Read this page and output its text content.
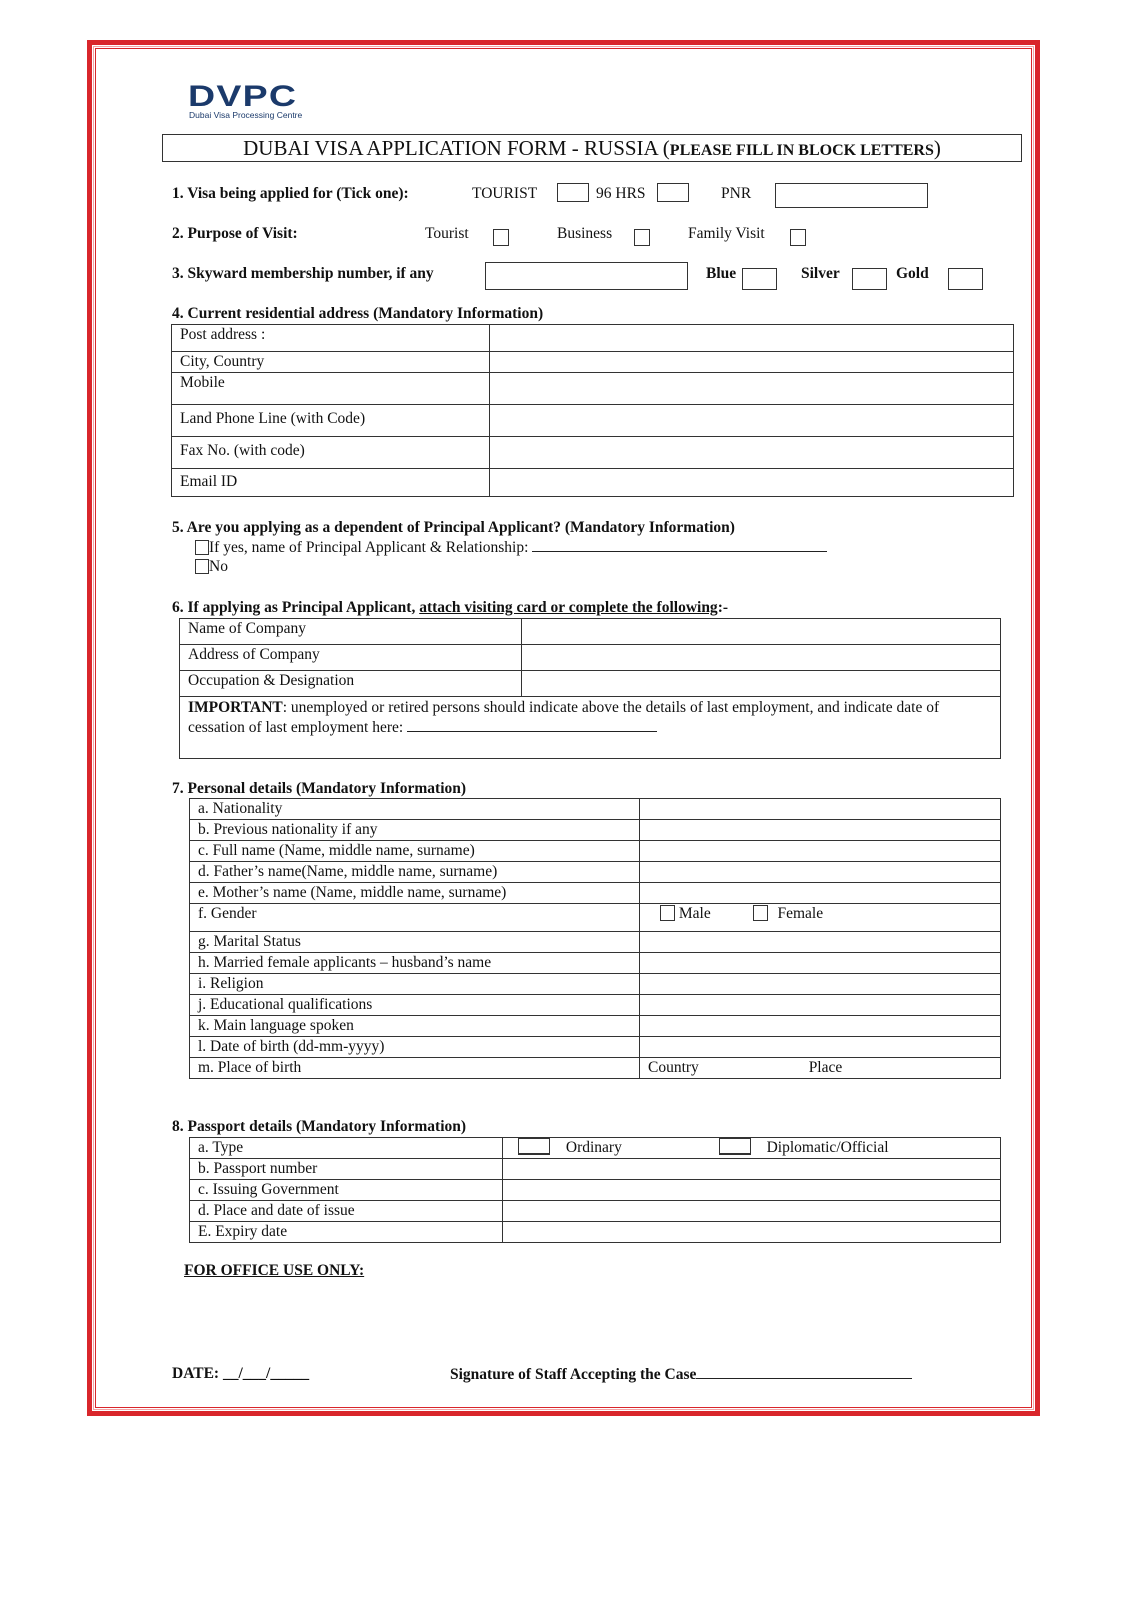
DVPC
Dubai Visa Processing Centre
DUBAI VISA APPLICATION FORM - RUSSIA (PLEASE FILL IN BLOCK LETTERS)
1. Visa being applied for (Tick one):	TOURIST	96 HRS	PNR
2. Purpose of Visit:	Tourist	Business	Family Visit
3. Skyward membership number, if any	Blue	Silver	Gold
4. Current residential address (Mandatory Information)
Post address :	
City, Country	
Mobile	
Land Phone Line (with Code)	
Fax No. (with code)	
Email ID	
5. Are you applying as a dependent of Principal Applicant? (Mandatory Information)
If yes, name of Principal Applicant & Relationship:
No
6. If applying as Principal Applicant, attach visiting card or complete the following:-
Name of Company	
Address of Company	
Occupation & Designation	
IMPORTANT: unemployed or retired persons should indicate above the details of last employment, and indicate date of cessation of last employment here:	
7. Personal details (Mandatory Information)
a. Nationality	
b. Previous nationality if any	
c. Full name (Name, middle name, surname)	
d. Father’s name(Name, middle name, surname)	
e. Mother’s name (Name, middle name, surname)	
f. Gender	Male Female
g. Marital Status	
h. Married female applicants – husband’s name	
i. Religion	
j. Educational qualifications	
k. Main language spoken	
l. Date of birth (dd-mm-yyyy)	
m. Place of birth	Country Place
8. Passport details (Mandatory Information)
a. Type	Ordinary Diplomatic/Official
b. Passport number	
c. Issuing Government	
d. Place and date of issue	
E. Expiry date	
FOR OFFICE USE ONLY:
DATE: __/___/_____	Signature of Staff Accepting the Case
